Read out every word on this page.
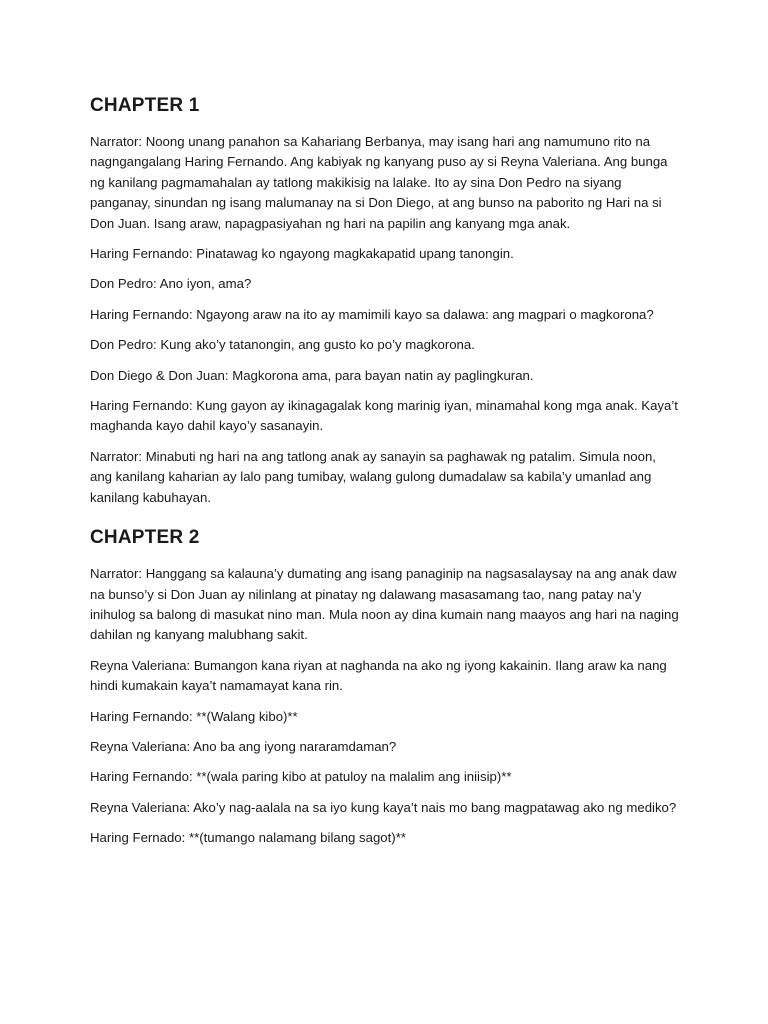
CHAPTER 1

Narrator: Noong unang panahon sa Kahariang Berbanya, may isang hari ang namumuno rito na nagngangalang Haring Fernando. Ang kabiyak ng kanyang puso ay si Reyna Valeriana. Ang bunga ng kanilang pagmamahalan ay tatlong makikisig na lalake. Ito ay sina Don Pedro na siyang panganay, sinundan ng isang malumanay na si Don Diego, at ang bunso na paborito ng Hari na si Don Juan. Isang araw, napagpasiyahan ng hari na papilin ang kanyang mga anak.

Haring Fernando: Pinatawag ko ngayong magkakapatid upang tanongin.

Don Pedro: Ano iyon, ama?

Haring Fernando: Ngayong araw na ito ay mamimili kayo sa dalawa: ang magpari o magkorona?

Don Pedro: Kung ako’y tatanongin, ang gusto ko po’y magkorona.

Don Diego & Don Juan: Magkorona ama, para bayan natin ay paglingkuran.

Haring Fernando: Kung gayon ay ikinagagalak kong marinig iyan, minamahal kong mga anak. Kaya’t maghanda kayo dahil kayo’y sasanayin.

Narrator: Minabuti ng hari na ang tatlong anak ay sanayin sa paghawak ng patalim. Simula noon, ang kanilang kaharian ay lalo pang tumibay, walang gulong dumadalaw sa kabila’y umanlad ang kanilang kabuhayan.

CHAPTER 2

Narrator: Hanggang sa kalauna’y dumating ang isang panaginip na nagsasalaysay na ang anak daw na bunso’y si Don Juan ay nilinlang at pinatay ng dalawang masasamang tao, nang patay na’y inihulog sa balong di masukat nino man. Mula noon ay dina kumain nang maayos ang hari na naging dahilan ng kanyang malubhang sakit.

Reyna Valeriana: Bumangon kana riyan at naghanda na ako ng iyong kakainin. Ilang araw ka nang hindi kumakain kaya’t namamayat kana rin.

Haring Fernando: **(Walang kibo)**

Reyna Valeriana: Ano ba ang iyong nararamdaman?

Haring Fernando: **(wala paring kibo at patuloy na malalim ang iniisip)**

Reyna Valeriana: Ako’y nag-aalala na sa iyo kung kaya’t nais mo bang magpatawag ako ng mediko?

Haring Fernado: **(tumango nalamang bilang sagot)**
